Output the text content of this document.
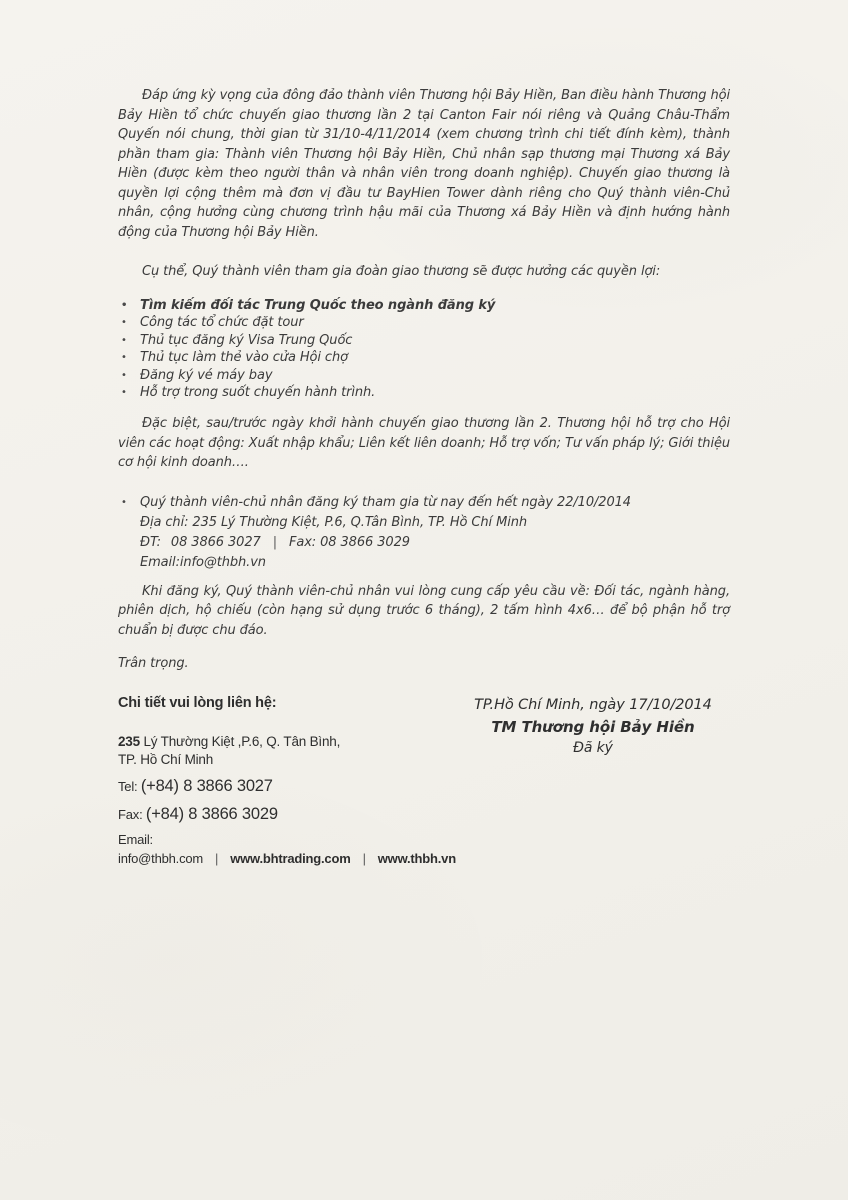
Đáp ứng kỳ vọng của đông đảo thành viên Thương hội Bảy Hiền, Ban điều hành Thương hội Bảy Hiền tổ chức chuyến giao thương lần 2 tại Canton Fair nói riêng và Quảng Châu-Thẩm Quyến nói chung, thời gian từ 31/10-4/11/2014 (xem chương trình chi tiết đính kèm), thành phần tham gia: Thành viên Thương hội Bảy Hiền, Chủ nhân sạp thương mại Thương xá Bảy Hiền (được kèm theo người thân và nhân viên trong doanh nghiệp). Chuyến giao thương là quyền lợi cộng thêm mà đơn vị đầu tư BayHien Tower dành riêng cho Quý thành viên-Chủ nhân, cộng hưởng cùng chương trình hậu mãi của Thương xá Bảy Hiền và định hướng hành động của Thương hội Bảy Hiền.

Cụ thể, Quý thành viên tham gia đoàn giao thương sẽ được hưởng các quyền lợi:

• Tìm kiếm đối tác Trung Quốc theo ngành đăng ký
• Công tác tổ chức đặt tour
• Thủ tục đăng ký Visa Trung Quốc
• Thủ tục làm thẻ vào cửa Hội chợ
• Đăng ký vé máy bay
• Hỗ trợ trong suốt chuyến hành trình.

Đặc biệt, sau/trước ngày khởi hành chuyến giao thương lần 2. Thương hội hỗ trợ cho Hội viên các hoạt động: Xuất nhập khẩu; Liên kết liên doanh; Hỗ trợ vốn; Tư vấn pháp lý; Giới thiệu cơ hội kinh doanh….

• Quý thành viên-chủ nhân đăng ký tham gia từ nay đến hết ngày 22/10/2014
Địa chỉ: 235 Lý Thường Kiệt, P.6, Q.Tân Bình, TP. Hồ Chí Minh
ĐT: 08 3866 3027 | Fax: 08 3866 3029
Email:info@thbh.vn

Khi đăng ký, Quý thành viên-chủ nhân vui lòng cung cấp yêu cầu về: Đối tác, ngành hàng, phiên dịch, hộ chiếu (còn hạng sử dụng trước 6 tháng), 2 tấm hình 4x6… để bộ phận hỗ trợ chuẩn bị được chu đáo.

Trân trọng.

Chi tiết vui lòng liên hệ:
235 Lý Thường Kiệt ,P.6, Q. Tân Bình,
TP. Hồ Chí Minh
Tel: (+84) 8 3866 3027
Fax: (+84) 8 3866 3029
Email: info@thbh.com | www.bhtrading.com | www.thbh.vn
TP.Hồ Chí Minh, ngày 17/10/2014
TM Thương hội Bảy Hiền
Đã ký
